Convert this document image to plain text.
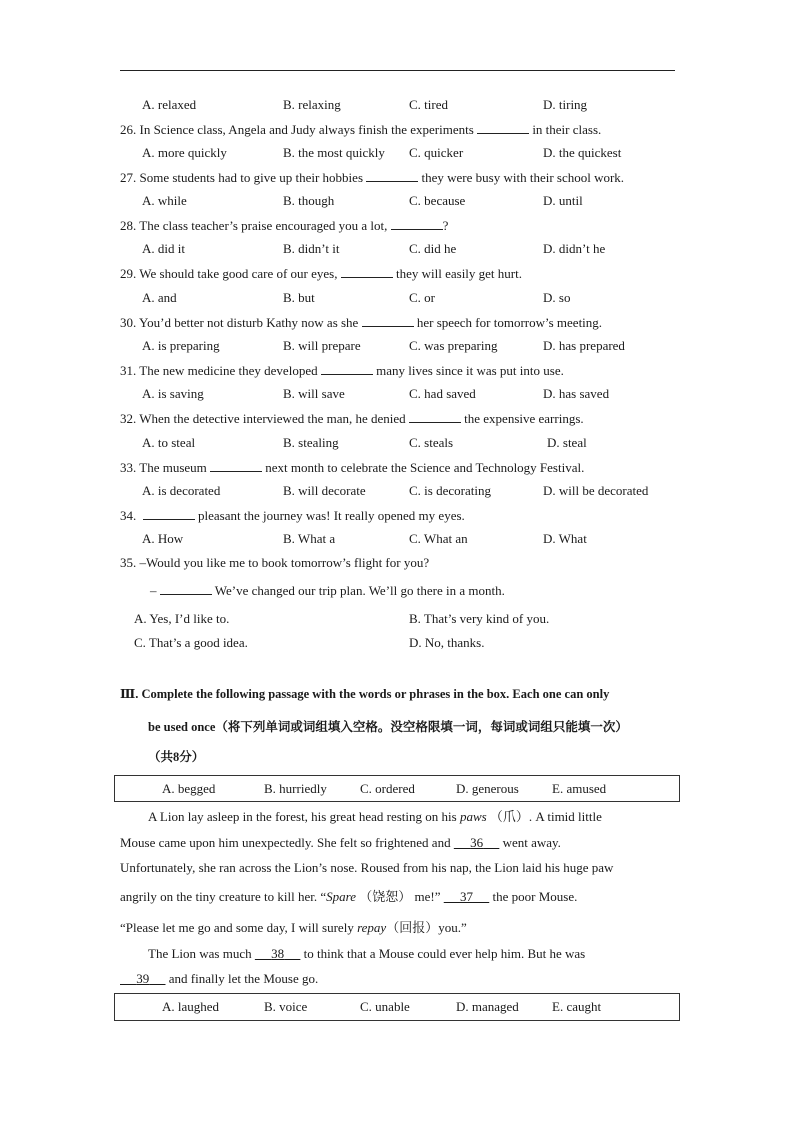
A. relaxed	B. relaxing	C. tired	D. tiring
26. In Science class, Angela and Judy always finish the experiments	in their class.
A. more quickly	B. the most quickly C. quicker	D. the quickest
27. Some students had to give up their hobbies	they were busy with their school work.
A. while	B. though	C. because	D. until
28. The class teacher’s praise encouraged you a lot,	?
A. did it	B. didn’t it	C. did he	D. didn’t he
29. We should take good care of our eyes,	they will easily get hurt.
A. and	B. but	C. or	D. so
30. You’d better not disturb Kathy now as she	her speech for tomorrow’s meeting.
A. is preparing	B. will prepare	C. was preparing	D. has prepared
31. The new medicine they developed	many lives since it was put into use.
A. is saving	B. will save	C. had saved	D. has saved
32. When the detective interviewed the man, he denied	the expensive earrings.
A. to steal	B. stealing	C. steals	D. steal
33. The museum	next month to celebrate the Science and Technology Festival.
A. is decorated	B. will decorate	C. is decorating	D. will be decorated
34.	pleasant the journey was! It really opened my eyes.
A. How	B. What a	C. What an	D. What
35. –Would you like me to book tomorrow’s flight for you?
–	We’ve changed our trip plan. We’ll go there in a month.
A. Yes, I’d like to.	B. That’s very kind of you.
C. That’s a good idea.	D. No, thanks.
Ⅲ. Complete the following passage with the words or phrases in the box. Each one can only
be used once（将下列单词或词组填入空格。没空格限填一词，每词或词组只能填一次）
（共8分）
A. begged	B. hurriedly	C. ordered	D. generous	E. amused
A Lion lay asleep in the forest, his great head resting on his paws （爪）. A timid little
Mouse came upon him unexpectedly. She felt so frightened and 36 went away.
Unfortunately, she ran across the Lion’s nose. Roused from his nap, the Lion laid his huge paw
angrily on the tiny creature to kill her. “Spare （饶恕） me!” 37 the poor Mouse.
“Please let me go and some day, I will surely repay（回报）you.”
The Lion was much 38 to think that a Mouse could ever help him. But he was
39 and finally let the Mouse go.
A. laughed	B. voice	C. unable	D. managed	E. caught
